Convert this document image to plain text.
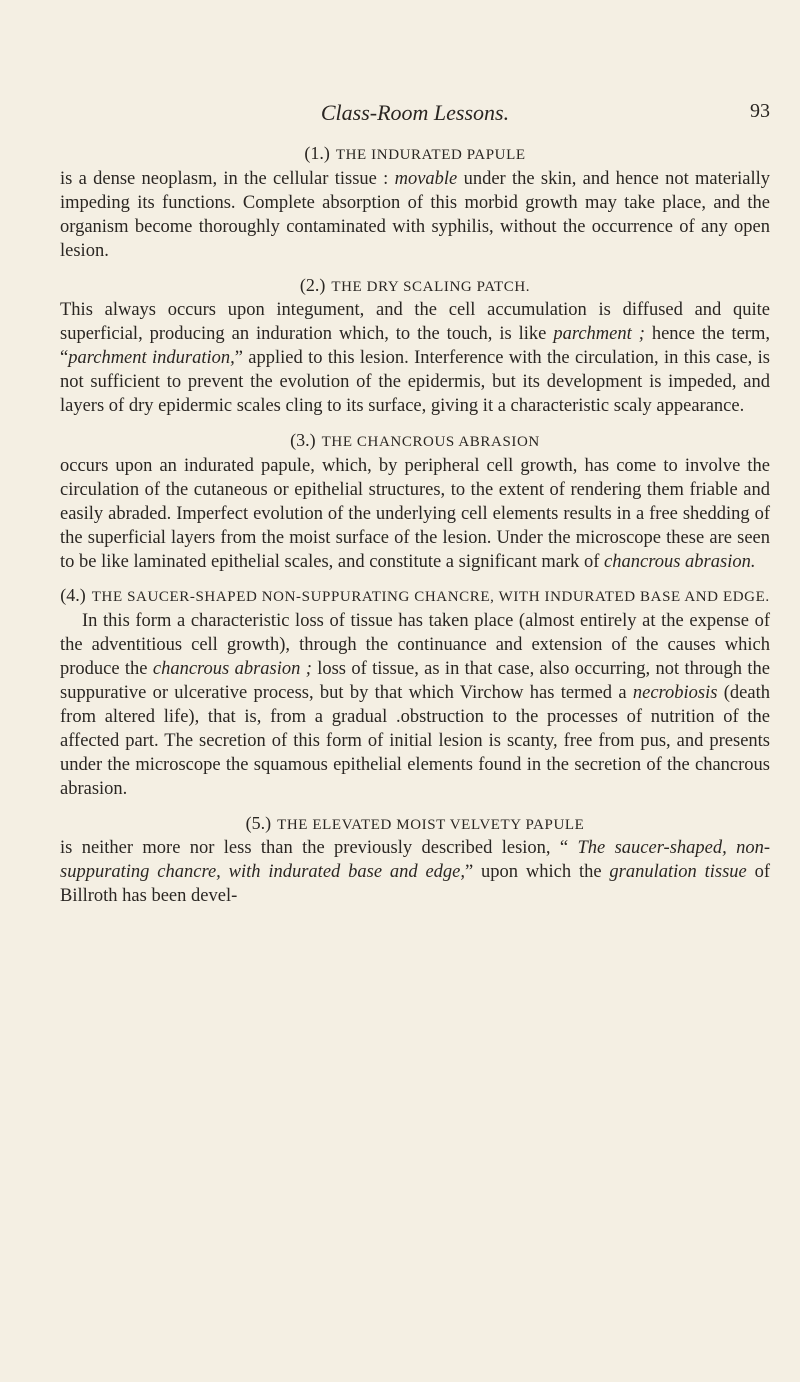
Class-Room Lessons.	93

(1.) THE INDURATED PAPULE

is a dense neoplasm, in the cellular tissue : movable under the skin, and hence not materially impeding its functions. Complete absorption of this morbid growth may take place, and the organism become thoroughly contaminated with syphilis, without the occurrence of any open lesion.

(2.) THE DRY SCALING PATCH.

This always occurs upon integument, and the cell accumulation is diffused and quite superficial, producing an induration which, to the touch, is like parchment ; hence the term, “parchment induration,” applied to this lesion. Interference with the circulation, in this case, is not sufficient to prevent the evolution of the epidermis, but its development is impeded, and layers of dry epidermic scales cling to its surface, giving it a characteristic scaly appearance.

(3.) THE CHANCROUS ABRASION

occurs upon an indurated papule, which, by peripheral cell growth, has come to involve the circulation of the cutaneous or epithelial structures, to the extent of rendering them friable and easily abraded. Imperfect evolution of the underlying cell elements results in a free shedding of the superficial layers from the moist surface of the lesion. Under the microscope these are seen to be like laminated epithelial scales, and constitute a significant mark of chancrous abrasion.

(4.) THE SAUCER-SHAPED NON-SUPPURATING CHANCRE, WITH INDURATED BASE AND EDGE.

In this form a characteristic loss of tissue has taken place (almost entirely at the expense of the adventitious cell growth), through the continuance and extension of the causes which produce the chancrous abrasion ; loss of tissue, as in that case, also occurring, not through the suppurative or ulcerative process, but by that which Virchow has termed a necrobiosis (death from altered life), that is, from a gradual .obstruction to the processes of nutrition of the affected part. The secretion of this form of initial lesion is scanty, free from pus, and presents under the microscope the squamous epithelial elements found in the secretion of the chancrous abrasion.

(5.) THE ELEVATED MOIST VELVETY PAPULE

is neither more nor less than the previously described lesion, “ The saucer-shaped, non-suppurating chancre, with indurated base and edge,” upon which the granulation tissue of Billroth has been devel-
